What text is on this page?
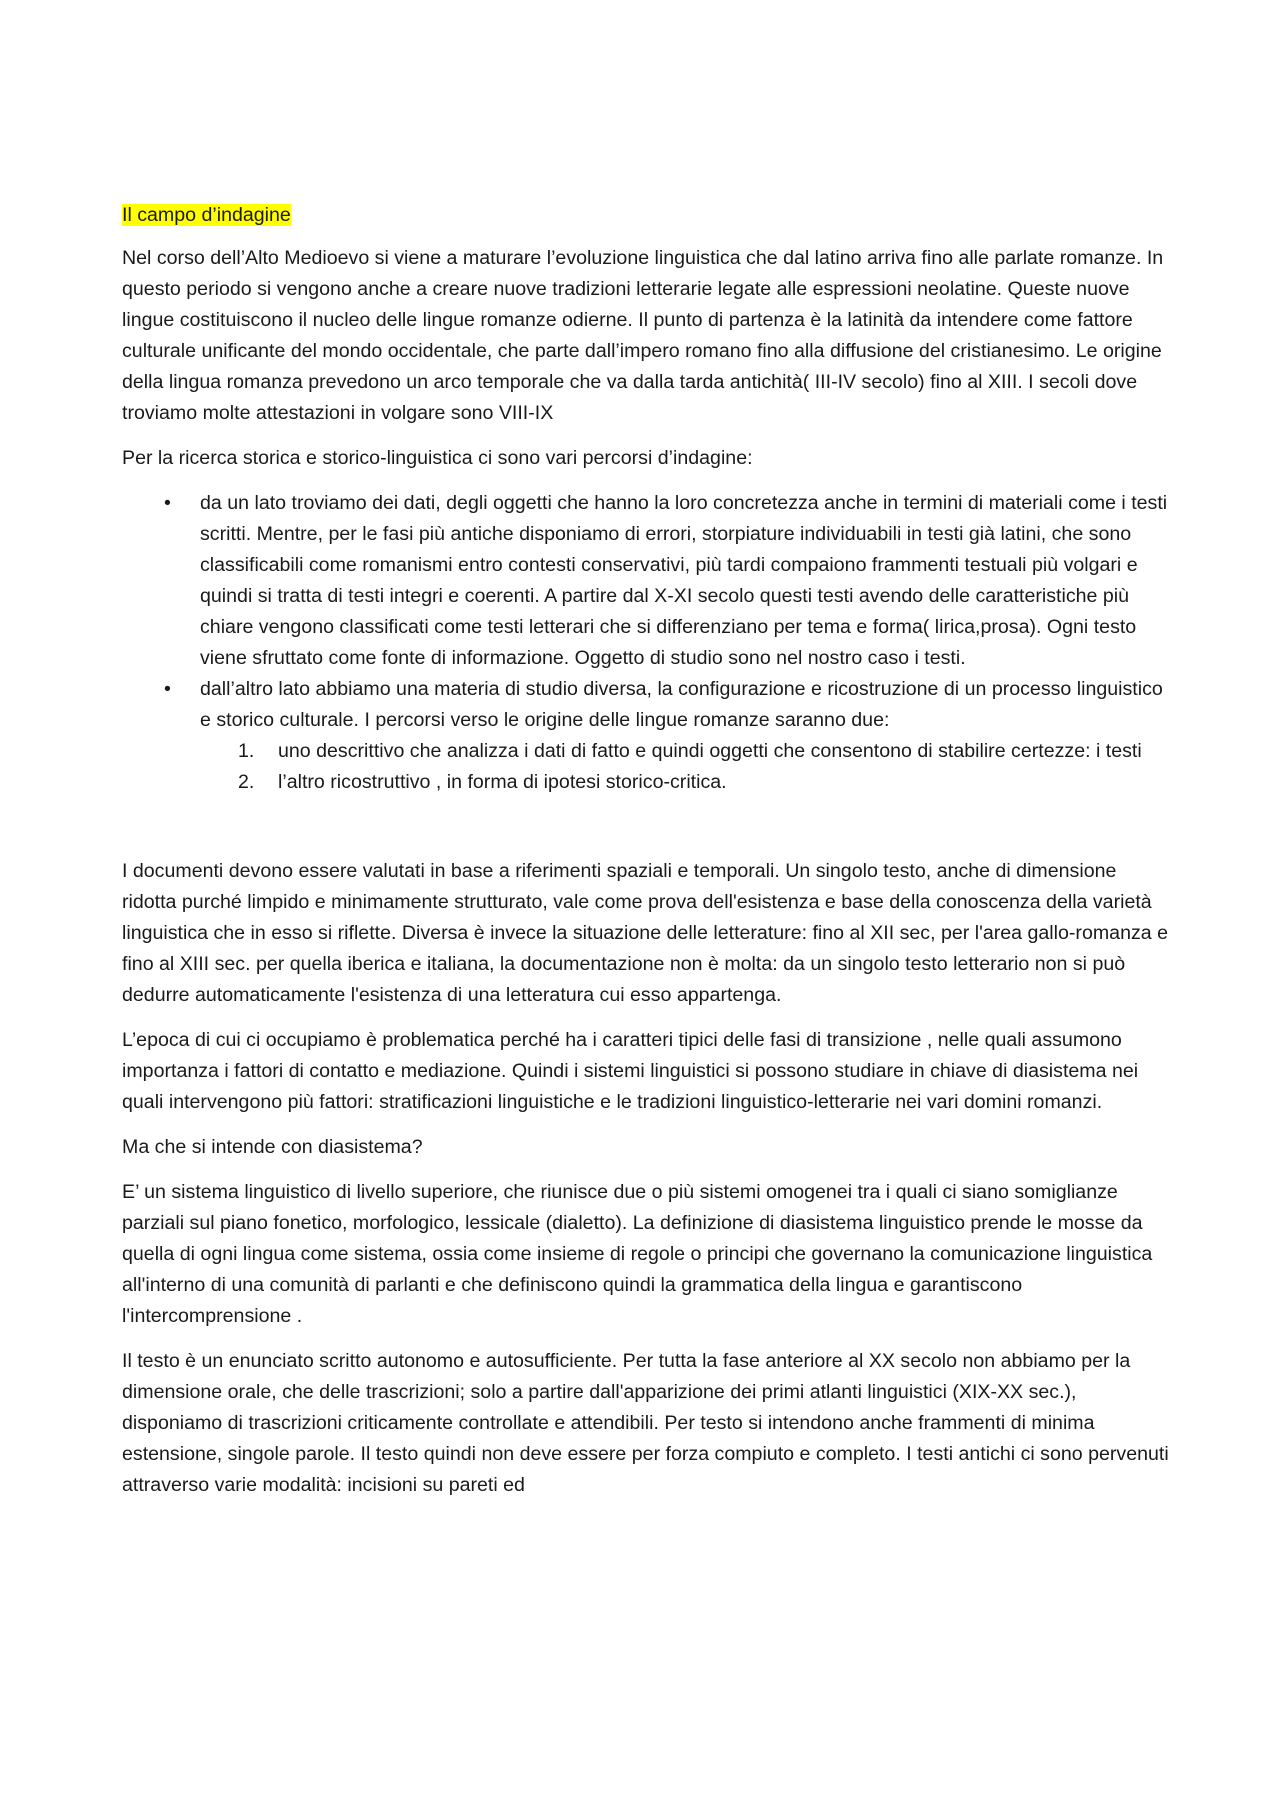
Il campo d’indagine

Nel corso dell’Alto Medioevo si viene a maturare l’evoluzione linguistica che dal latino arriva fino alle parlate romanze. In questo periodo si vengono anche a creare nuove tradizioni letterarie legate alle espressioni neolatine. Queste nuove lingue costituiscono il nucleo delle lingue romanze odierne. Il punto di partenza è la latinità da intendere come fattore culturale unificante del mondo occidentale, che parte dall’impero romano fino alla diffusione del cristianesimo. Le origine della lingua romanza prevedono un arco temporale che va dalla tarda antichità( III-IV secolo) fino al XIII. I secoli dove troviamo molte attestazioni in volgare sono VIII-IX

Per la ricerca storica e storico-linguistica ci sono vari percorsi d’indagine:

• da un lato troviamo dei dati, degli oggetti che hanno la loro concretezza anche in termini di materiali come i testi scritti. Mentre, per le fasi più antiche disponiamo di errori, storpiature individuabili in testi già latini, che sono classificabili come romanismi entro contesti conservativi, più tardi compaiono frammenti testuali più volgari e quindi si tratta di testi integri e coerenti. A partire dal X-XI secolo questi testi avendo delle caratteristiche più chiare vengono classificati come testi letterari che si differenziano per tema e forma( lirica,prosa). Ogni testo viene sfruttato come fonte di informazione. Oggetto di studio sono nel nostro caso i testi.
• dall’altro lato abbiamo una materia di studio diversa, la configurazione e ricostruzione di un processo linguistico e storico culturale. I percorsi verso le origine delle lingue romanze saranno due:
1. uno descrittivo che analizza i dati di fatto e quindi oggetti che consentono di stabilire certezze: i testi
2. l’altro ricostruttivo , in forma di ipotesi storico-critica.

I documenti devono essere valutati in base a riferimenti spaziali e temporali. Un singolo testo, anche di dimensione ridotta purché limpido e minimamente strutturato, vale come prova dell'esistenza e base della conoscenza della varietà linguistica che in esso si riflette. Diversa è invece la situazione delle letterature: fino al XII sec, per l'area gallo-romanza e fino al XIII sec. per quella iberica e italiana, la documentazione non è molta: da un singolo testo letterario non si può dedurre automaticamente l'esistenza di una letteratura cui esso appartenga.

L’epoca di cui ci occupiamo è problematica perché ha i caratteri tipici delle fasi di transizione , nelle quali assumono importanza i fattori di contatto e mediazione. Quindi i sistemi linguistici si possono studiare in chiave di diasistema nei quali intervengono più fattori: stratificazioni linguistiche e le tradizioni linguistico-letterarie nei vari domini romanzi.

Ma che si intende con diasistema?

E’ un sistema linguistico di livello superiore, che riunisce due o più sistemi omogenei tra i quali ci siano somiglianze parziali sul piano fonetico, morfologico, lessicale (dialetto). La definizione di diasistema linguistico prende le mosse da quella di ogni lingua come sistema, ossia come insieme di regole o principi che governano la comunicazione linguistica all'interno di una comunità di parlanti e che definiscono quindi la grammatica della lingua e garantiscono l'intercomprensione .

Il testo è un enunciato scritto autonomo e autosufficiente. Per tutta la fase anteriore al XX secolo non abbiamo per la dimensione orale, che delle trascrizioni; solo a partire dall'apparizione dei primi atlanti linguistici (XIX-XX sec.), disponiamo di trascrizioni criticamente controllate e attendibili. Per testo si intendono anche frammenti di minima estensione, singole parole. Il testo quindi non deve essere per forza compiuto e completo. I testi antichi ci sono pervenuti attraverso varie modalità: incisioni su pareti ed
